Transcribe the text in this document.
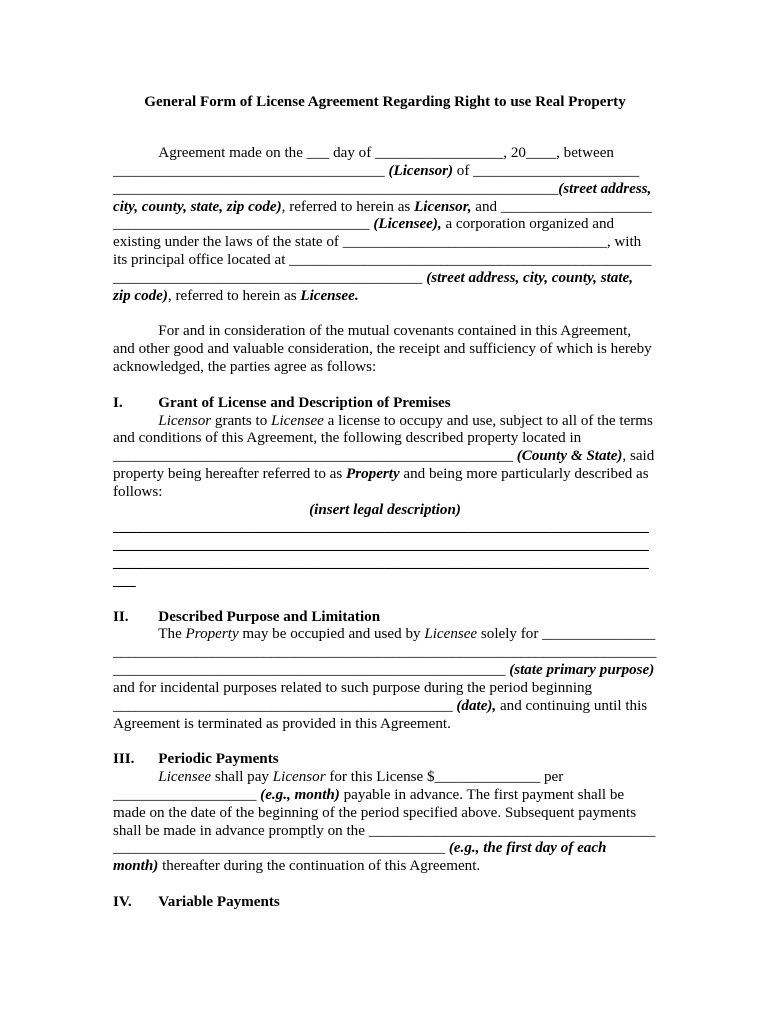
General Form of License Agreement Regarding Right to use Real Property
Agreement made on the ___ day of _________________, 20____, between
____________________________________ (Licensor) of ______________________
___________________________________________________________(street address,
city, county, state, zip code), referred to herein as Licensor, and ____________________
__________________________________ (Licensee), a corporation organized and
existing under the laws of the state of ___________________________________, with
its principal office located at ________________________________________________
_________________________________________ (street address, city, county, state,
zip code), referred to herein as Licensee.
For and in consideration of the mutual covenants contained in this Agreement,
and other good and valuable consideration, the receipt and sufficiency of which is hereby
acknowledged, the parties agree as follows:
I. Grant of License and Description of Premises
Licensor grants to Licensee a license to occupy and use, subject to all of the terms
and conditions of this Agreement, the following described property located in
_____________________________________________________ (County & State), said
property being hereafter referred to as Property and being more particularly described as
follows:
(insert legal description)
_______________________________________________________________________
_______________________________________________________________________
_______________________________________________________________________
___
II. Described Purpose and Limitation
The Property may be occupied and used by Licensee solely for _______________
________________________________________________________________________
____________________________________________________ (state primary purpose)
and for incidental purposes related to such purpose during the period beginning
_____________________________________________ (date), and continuing until this
Agreement is terminated as provided in this Agreement.
III. Periodic Payments
Licensee shall pay Licensor for this License $______________ per
___________________ (e.g., month) payable in advance. The first payment shall be
made on the date of the beginning of the period specified above. Subsequent payments
shall be made in advance promptly on the ______________________________________
____________________________________________ (e.g., the first day of each
month) thereafter during the continuation of this Agreement.
IV. Variable Payments
